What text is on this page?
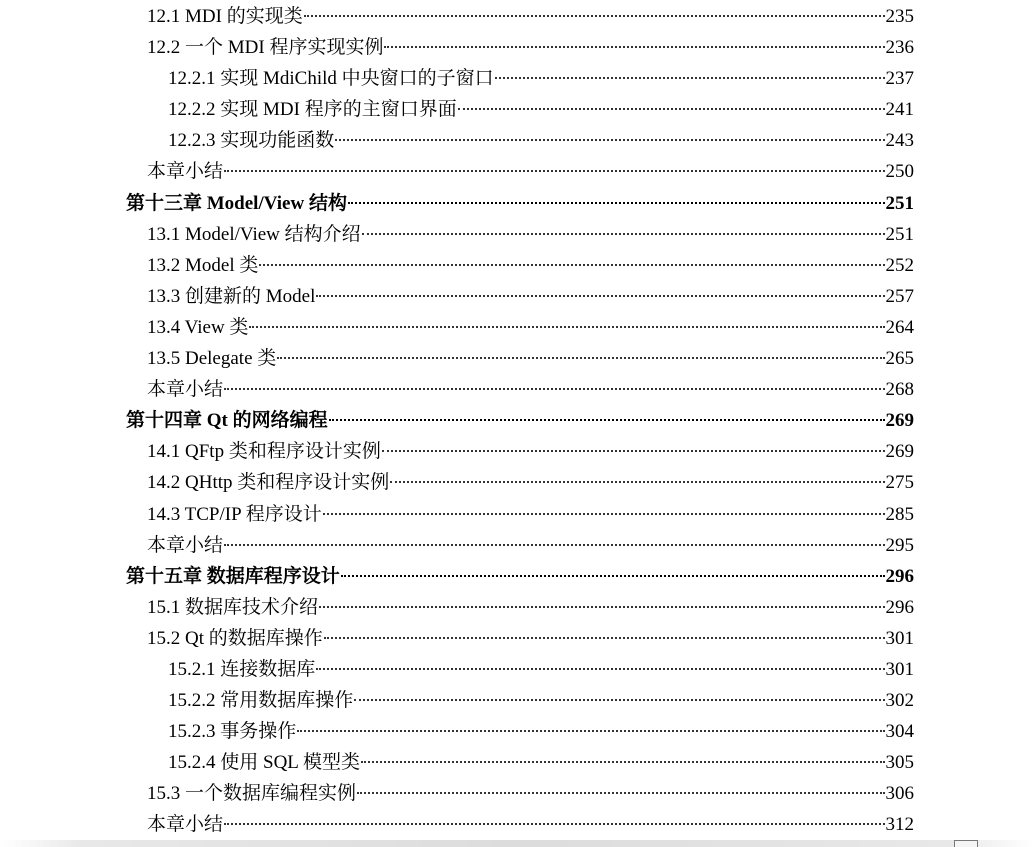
12.1 MDI 的实现类	235
12.2 一个 MDI 程序实现实例	236
12.2.1 实现 MdiChild 中央窗口的子窗口	237
12.2.2 实现 MDI 程序的主窗口界面	241
12.2.3 实现功能函数	243
本章小结	250
第十三章 Model/View 结构	251
13.1 Model/View 结构介绍	251
13.2 Model 类	252
13.3 创建新的 Model	257
13.4 View 类	264
13.5 Delegate 类	265
本章小结	268
第十四章 Qt 的网络编程	269
14.1 QFtp 类和程序设计实例	269
14.2 QHttp 类和程序设计实例	275
14.3 TCP/IP 程序设计	285
本章小结	295
第十五章 数据库程序设计	296
15.1 数据库技术介绍	296
15.2 Qt 的数据库操作	301
15.2.1 连接数据库	301
15.2.2 常用数据库操作	302
15.2.3 事务操作	304
15.2.4 使用 SQL 模型类	305
15.3 一个数据库编程实例	306
本章小结	312
